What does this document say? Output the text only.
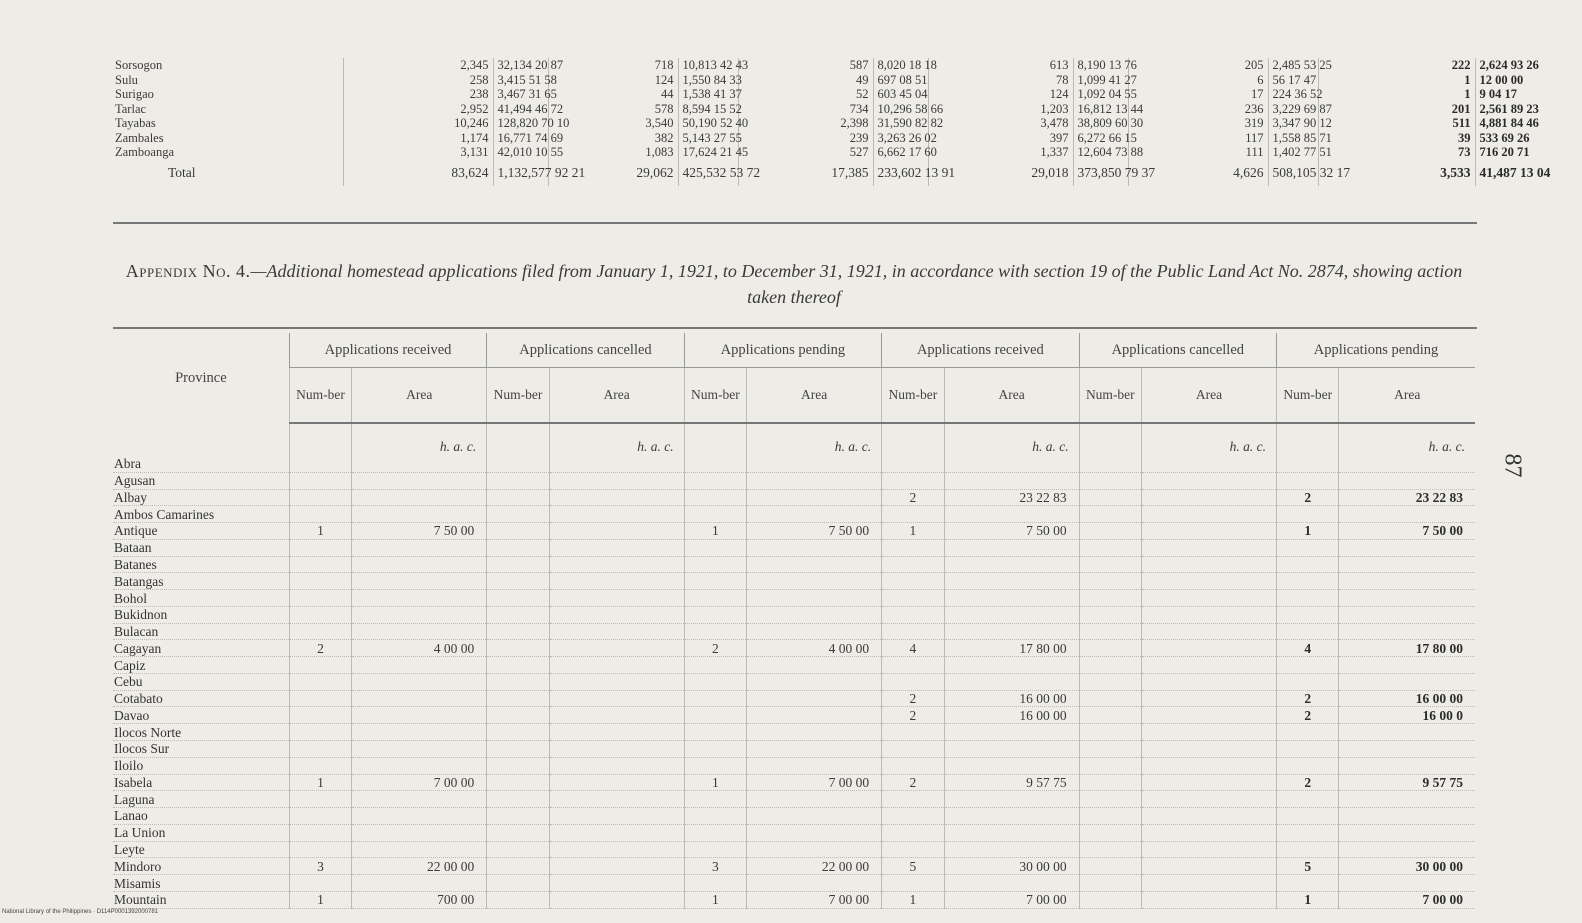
Sorsogon		2,345	32,134 20 87	718	10,813 42 43	587	8,020 18 18	613	8,190 13 76	205	2,485 53 25	222	2,624 93 26
Sulu		258	3,415 51 58	124	1,550 84 33	49	697 08 51	78	1,099 41 27	6	56 17 47	1	12 00 00
Surigao		238	3,467 31 65	44	1,538 41 37	52	603 45 04	124	1,092 04 55	17	224 36 52	1	9 04 17
Tarlac		2,952	41,494 46 72	578	8,594 15 52	734	10,296 58 66	1,203	16,812 13 44	236	3,229 69 87	201	2,561 89 23
Tayabas		10,246	128,820 70 10	3,540	50,190 52 40	2,398	31,590 82 82	3,478	38,809 60 30	319	3,347 90 12	511	4,881 84 46
Zambales		1,174	16,771 74 69	382	5,143 27 55	239	3,263 26 02	397	6,272 66 15	117	1,558 85 71	39	533 69 26
Zamboanga		3,131	42,010 10 55	1,083	17,624 21 45	527	6,662 17 60	1,337	12,604 73 88	111	1,402 77 51	73	716 20 71
Total		83,624	1,132,577 92 21	29,062	425,532 53 72	17,385	233,602 13 91	29,018	373,850 79 37	4,626	508,105 32 17	3,533	41,487 13 04
Appendix No. 4.—Additional homestead applications filed from January 1, 1921, to December 31, 1921, in accordance with section 19 of the Public Land Act No. 2874, showing action taken thereof
Province	Applications received		Applications cancelled		Applications pending		Applications received		Applications cancelled		Applications pending	
	Num-ber	Area	Num-ber	Area	Num-ber	Area	Num-ber	Area	Num-ber	Area	Num-ber	Area
		h. a. c.		h. a. c.		h. a. c.		h. a. c.		h. a. c.		h. a. c.
Abra												
Agusan												
Albay							2	23 22 83			2	23 22 83
Ambos Camarines												
Antique	1	7 50 00			1	7 50 00	1	7 50 00			1	7 50 00
Bataan												
Batanes												
Batangas												
Bohol												
Bukidnon												
Bulacan												
Cagayan	2	4 00 00			2	4 00 00	4	17 80 00			4	17 80 00
Capiz												
Cebu												
Cotabato							2	16 00 00			2	16 00 00
Davao							2	16 00 00			2	16 00 0
Ilocos Norte												
Ilocos Sur												
Iloilo												
Isabela	1	7 00 00			1	7 00 00	2	9 57 75			2	9 57 75
Laguna												
Lanao												
La Union												
Leyte												
Mindoro	3	22 00 00			3	22 00 00	5	30 00 00			5	30 00 00
Misamis												
Mountain	1	700 00			1	7 00 00	1	7 00 00			1	7 00 00
87
National Library of the Philippines · D114P0001392000781
